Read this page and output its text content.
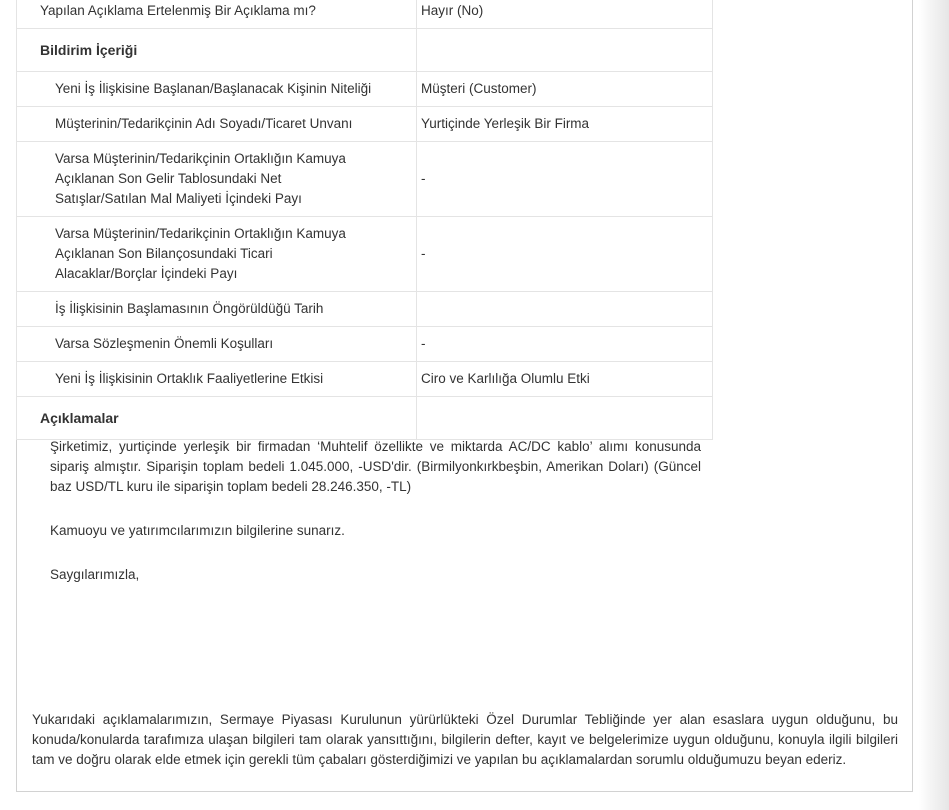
Yapılan Açıklama Ertelenmiş Bir Açıklama mı?	Hayır (No)
Bildirim İçeriği	
Yeni İş İlişkisine Başlanan/Başlanacak Kişinin Niteliği	Müşteri (Customer)
Müşterinin/Tedarikçinin Adı Soyadı/Ticaret Unvanı	Yurtiçinde Yerleşik Bir Firma
Varsa Müşterinin/Tedarikçinin Ortaklığın Kamuya Açıklanan Son Gelir Tablosundaki Net Satışlar/Satılan Mal Maliyeti İçindeki Payı	-
Varsa Müşterinin/Tedarikçinin Ortaklığın Kamuya Açıklanan Son Bilançosundaki Ticari Alacaklar/Borçlar İçindeki Payı	-
İş İlişkisinin Başlamasının Öngörüldüğü Tarih	
Varsa Sözleşmenin Önemli Koşulları	-
Yeni İş İlişkisinin Ortaklık Faaliyetlerine Etkisi	Ciro ve Karlılığa Olumlu Etki
Açıklamalar	

Şirketimiz, yurtiçinde yerleşik bir firmadan ‘Muhtelif özellikte ve miktarda AC/DC kablo’ alımı konusunda sipariş almıştır. Siparişin toplam bedeli 1.045.000, -USD'dir. (Birmilyonkırkbeşbin, Amerikan Doları) (Güncel baz USD/TL kuru ile siparişin toplam bedeli 28.246.350, -TL)

Kamuoyu ve yatırımcılarımızın bilgilerine sunarız.

Saygılarımızla,

Yukarıdaki açıklamalarımızın, Sermaye Piyasası Kurulunun yürürlükteki Özel Durumlar Tebliğinde yer alan esaslara uygun olduğunu, bu konuda/konularda tarafımıza ulaşan bilgileri tam olarak yansıttığını, bilgilerin defter, kayıt ve belgelerimize uygun olduğunu, konuyla ilgili bilgileri tam ve doğru olarak elde etmek için gerekli tüm çabaları gösterdiğimizi ve yapılan bu açıklamalardan sorumlu olduğumuzu beyan ederiz.
